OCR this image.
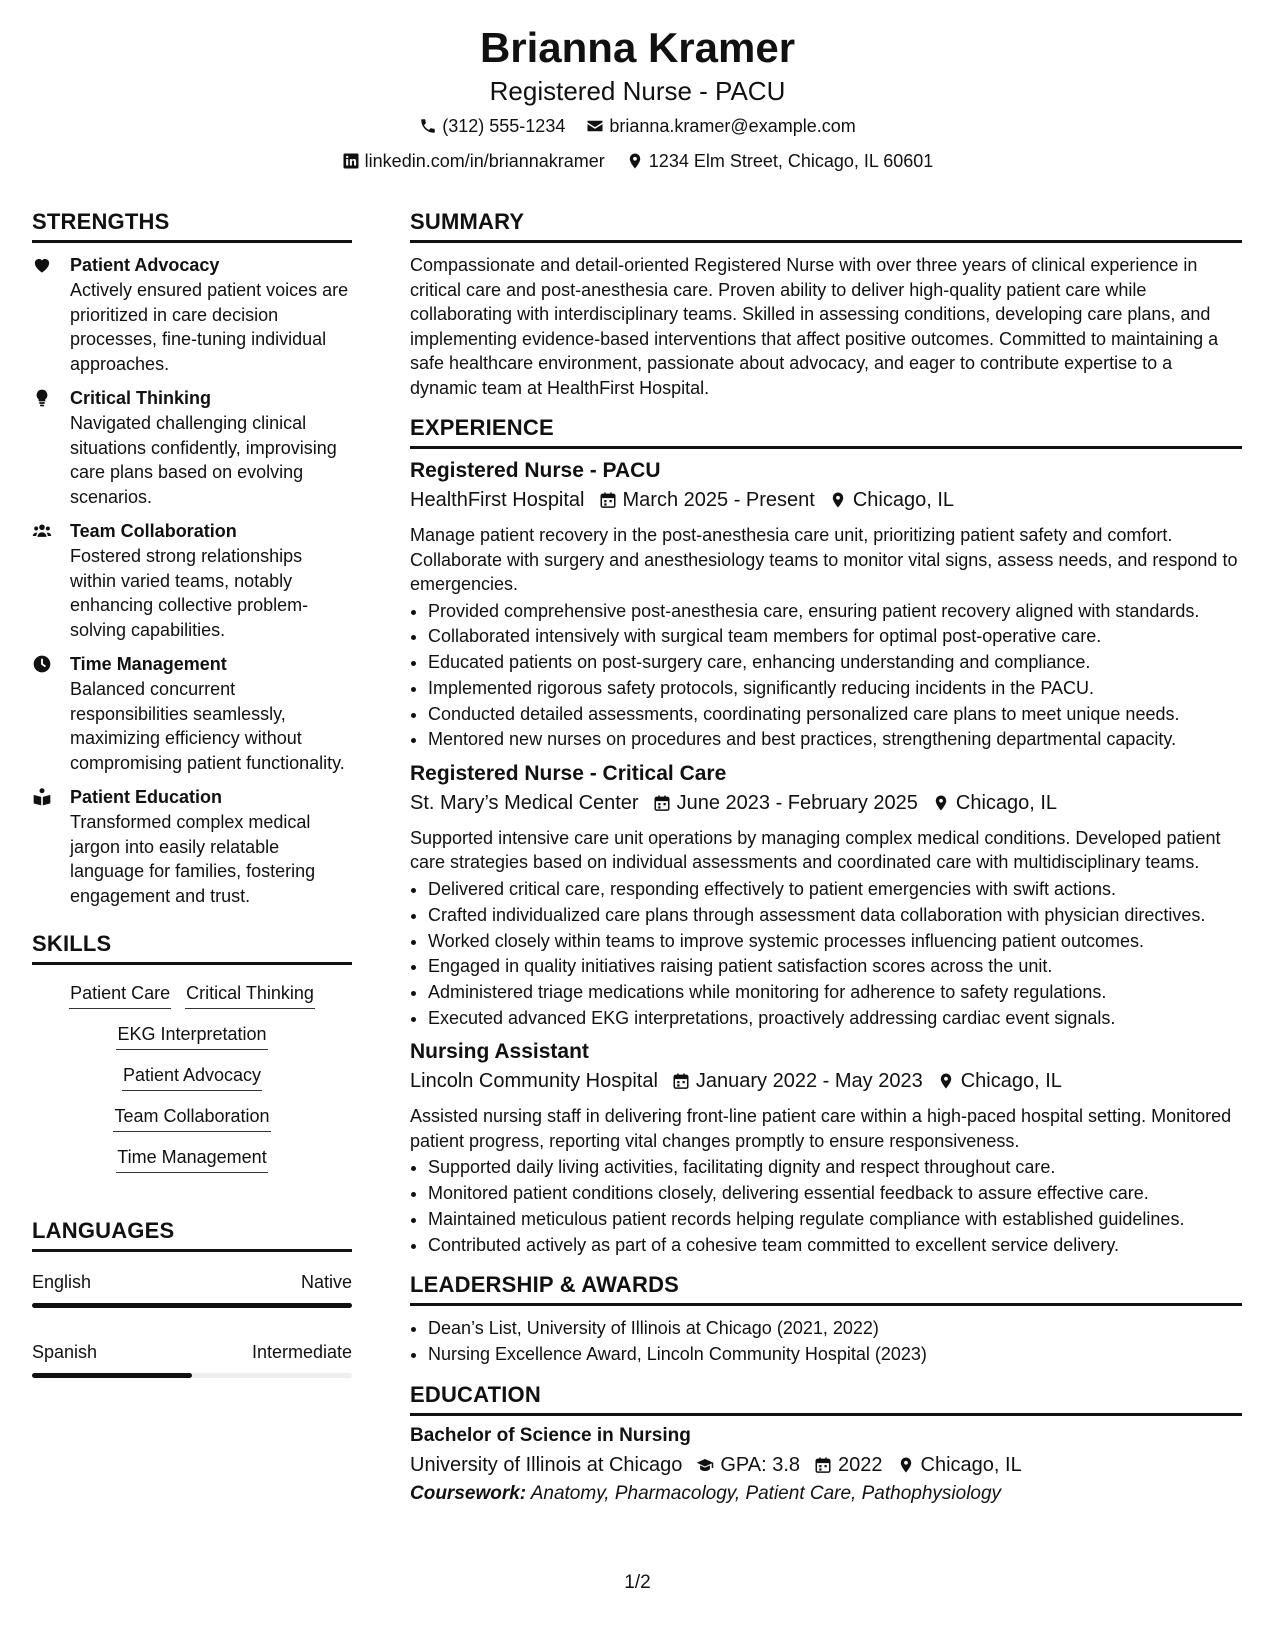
Brianna Kramer
Registered Nurse - PACU
(312) 555-1234
brianna.kramer@example.com
linkedin.com/in/briannakramer
1234 Elm Street, Chicago, IL 60601
STRENGTHS
Patient Advocacy
Actively ensured patient voices are prioritized in care decision processes, fine-tuning individual approaches.
Critical Thinking
Navigated challenging clinical situations confidently, improvising care plans based on evolving scenarios.
Team Collaboration
Fostered strong relationships within varied teams, notably enhancing collective problem-solving capabilities.
Time Management
Balanced concurrent responsibilities seamlessly, maximizing efficiency without compromising patient functionality.
Patient Education
Transformed complex medical jargon into easily relatable language for families, fostering engagement and trust.
SKILLS
Patient Care Critical Thinking
EKG Interpretation
Patient Advocacy
Team Collaboration
Time Management
LANGUAGES
English	Native
Spanish	Intermediate
SUMMARY
Compassionate and detail-oriented Registered Nurse with over three years of clinical experience in critical care and post-anesthesia care. Proven ability to deliver high-quality patient care while collaborating with interdisciplinary teams. Skilled in assessing conditions, developing care plans, and implementing evidence-based interventions that affect positive outcomes. Committed to maintaining a safe healthcare environment, passionate about advocacy, and eager to contribute expertise to a dynamic team at HealthFirst Hospital.
EXPERIENCE
Registered Nurse - PACU
HealthFirst Hospital March 2025 - Present Chicago, IL
Manage patient recovery in the post-anesthesia care unit, prioritizing patient safety and comfort. Collaborate with surgery and anesthesiology teams to monitor vital signs, assess needs, and respond to emergencies.
• Provided comprehensive post-anesthesia care, ensuring patient recovery aligned with standards.
• Collaborated intensively with surgical team members for optimal post-operative care.
• Educated patients on post-surgery care, enhancing understanding and compliance.
• Implemented rigorous safety protocols, significantly reducing incidents in the PACU.
• Conducted detailed assessments, coordinating personalized care plans to meet unique needs.
• Mentored new nurses on procedures and best practices, strengthening departmental capacity.
Registered Nurse - Critical Care
St. Mary’s Medical Center June 2023 - February 2025 Chicago, IL
Supported intensive care unit operations by managing complex medical conditions. Developed patient care strategies based on individual assessments and coordinated care with multidisciplinary teams.
• Delivered critical care, responding effectively to patient emergencies with swift actions.
• Crafted individualized care plans through assessment data collaboration with physician directives.
• Worked closely within teams to improve systemic processes influencing patient outcomes.
• Engaged in quality initiatives raising patient satisfaction scores across the unit.
• Administered triage medications while monitoring for adherence to safety regulations.
• Executed advanced EKG interpretations, proactively addressing cardiac event signals.
Nursing Assistant
Lincoln Community Hospital January 2022 - May 2023 Chicago, IL
Assisted nursing staff in delivering front-line patient care within a high-paced hospital setting. Monitored patient progress, reporting vital changes promptly to ensure responsiveness.
• Supported daily living activities, facilitating dignity and respect throughout care.
• Monitored patient conditions closely, delivering essential feedback to assure effective care.
• Maintained meticulous patient records helping regulate compliance with established guidelines.
• Contributed actively as part of a cohesive team committed to excellent service delivery.
LEADERSHIP & AWARDS
• Dean’s List, University of Illinois at Chicago (2021, 2022)
• Nursing Excellence Award, Lincoln Community Hospital (2023)
EDUCATION
Bachelor of Science in Nursing
University of Illinois at Chicago GPA: 3.8 2022 Chicago, IL
Coursework: Anatomy, Pharmacology, Patient Care, Pathophysiology
1/2
